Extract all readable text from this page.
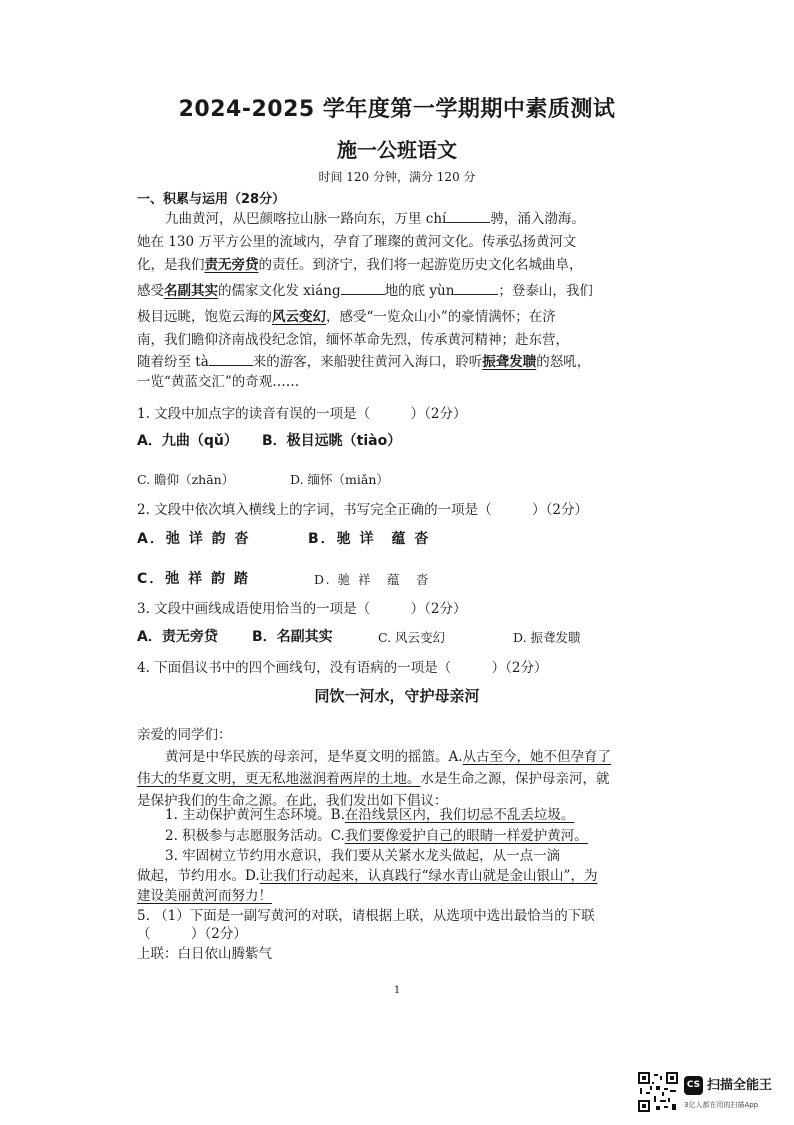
2024-2025 学年度第一学期期中素质测试
施一公班语文
时间 120 分钟，满分 120 分
一、积累与运用（28分）
九曲黄河，从巴颜喀拉山脉一路向东，万里 chí	骋，涌入渤海。
她在 130 万平方公里的流域内，孕育了璀璨的黄河文化。传承弘扬黄河文
化，是我们责无旁贷的责任。到济宁，我们将一起游览历史文化名城曲阜，
感受名副其实的儒家文化发 xiáng	地的底 yùn	；登泰山，我们
极目远眺，饱览云海的风云变幻，感受“一览众山小”的豪情满怀；在济
南，我们瞻仰济南战役纪念馆，缅怀革命先烈，传承黄河精神；赴东营，
随着纷至 tà	来的游客，来船驶往黄河入海口，聆听振聋发聩的怒吼，
一览“黄蓝交汇”的奇观……
1. 文段中加点字的读音有误的一项是（　　　）（2分）
A．九曲（qǔ） B．极目远眺（tiào）
C. 瞻仰（zhān）	D. 缅怀（miǎn）
2. 文段中依次填入横线上的字词，书写完全正确的一项是（　　　）（2分）
A．弛 详 韵 沓	B．驰 详　蕴 沓
C．弛 祥 韵 踏	D. 驰 祥　蕴　沓
3. 文段中画线成语使用恰当的一项是（　　　）（2分）
A．责无旁贷 B．名副其实	C. 风云变幻	D. 振聋发聩
4. 下面倡议书中的四个画线句，没有语病的一项是（　　　）（2分）
同饮一河水，守护母亲河
亲爱的同学们：
黄河是中华民族的母亲河，是华夏文明的摇篮。A.从古至今，她不但孕育了
伟大的华夏文明，更无私地滋润着两岸的土地。水是生命之源，保护母亲河，就
是保护我们的生命之源。在此，我们发出如下倡议：
1. 主动保护黄河生态环境。B.在沿线景区内，我们切忌不乱丢垃圾。
2. 积极参与志愿服务活动。C.我们要像爱护自己的眼睛一样爱护黄河。
3. 牢固树立节约用水意识，我们要从关紧水龙头做起，从一点一滴
做起，节约用水。D.让我们行动起来，认真践行“绿水青山就是金山银山”，为
建设美丽黄河而努力！
5. （1）下面是一副写黄河的对联，请根据上联，从选项中选出最恰当的下联
（　　　）（2分）
上联：白日依山腾紫气
1
CS 扫描全能王
3亿人都在用的扫描App
